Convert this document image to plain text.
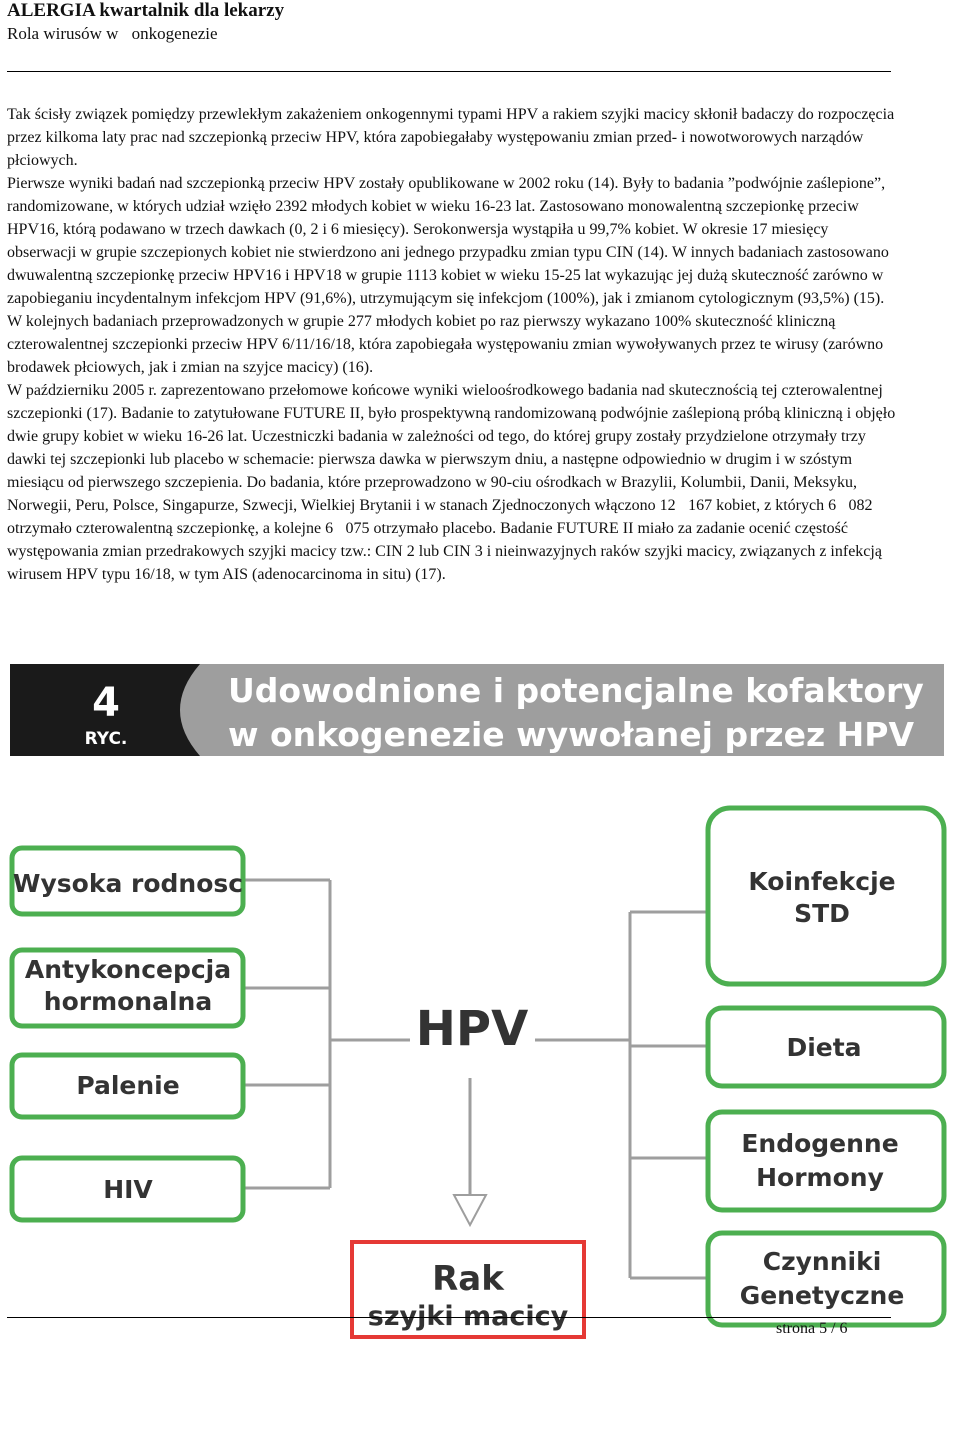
ALERGIA kwartalnik dla lekarzy
Rola wirusów w onkogenezie

Tak ścisły związek pomiędzy przewlekłym zakażeniem onkogennymi typami HPV a rakiem szyjki macicy skłonił badaczy do rozpoczęcia przez kilkoma laty prac nad szczepionką przeciw HPV, która zapobiegałaby występowaniu zmian przed- i nowotworowych narządów płciowych.

Pierwsze wyniki badań nad szczepionką przeciw HPV zostały opublikowane w 2002 roku (14). Były to badania ”podwójnie zaślepione”, randomizowane, w których udział wzięło 2392 młodych kobiet w wieku 16-23 lat. Zastosowano monowalentną szczepionkę przeciw HPV16, którą podawano w trzech dawkach (0, 2 i 6 miesięcy). Serokonwersja wystąpiła u 99,7% kobiet. W okresie 17 miesięcy obserwacji w grupie szczepionych kobiet nie stwierdzono ani jednego przypadku zmian typu CIN (14). W innych badaniach zastosowano dwuwalentną szczepionkę przeciw HPV16 i HPV18 w grupie 1113 kobiet w wieku 15-25 lat wykazując jej dużą skuteczność zarówno w zapobieganiu incydentalnym infekcjom HPV (91,6%), utrzymującym się infekcjom (100%), jak i zmianom cytologicznym (93,5%) (15). W kolejnych badaniach przeprowadzonych w grupie 277 młodych kobiet po raz pierwszy wykazano 100% skuteczność kliniczną czterowalentnej szczepionki przeciw HPV 6/11/16/18, która zapobiegała występowaniu zmian wywoływanych przez te wirusy (zarówno brodawek płciowych, jak i zmian na szyjce macicy) (16).

W październiku 2005 r. zaprezentowano przełomowe końcowe wyniki wieloośrodkowego badania nad skutecznością tej czterowalentnej szczepionki (17). Badanie to zatytułowane FUTURE II, było prospektywną randomizowaną podwójnie zaślepioną próbą kliniczną i objęło dwie grupy kobiet w wieku 16-26 lat. Uczestniczki badania w zależności od tego, do której grupy zostały przydzielone otrzymały trzy dawki tej szczepionki lub placebo w schemacie: pierwsza dawka w pierwszym dniu, a następne odpowiednio w drugim i w szóstym miesiącu od pierwszego szczepienia. Do badania, które przeprowadzono w 90-ciu ośrodkach w Brazylii, Kolumbii, Danii, Meksyku, Norwegii, Peru, Polsce, Singapurze, Szwecji, Wielkiej Brytanii i w stanach Zjednoczonych włączono 12 167 kobiet, z których 6 082 otrzymało czterowalentną szczepionkę, a kolejne 6 075 otrzymało placebo. Badanie FUTURE II miało za zadanie ocenić częstość występowania zmian przedrakowych szyjki macicy tzw.: CIN 2 lub CIN 3 i nieinwazyjnych raków szyjki macicy, związanych z infekcją wirusem HPV typu 16/18, w tym AIS (adenocarcinoma in situ) (17).

4
RYC.
Udowodnione i potencjalne kofaktory
w onkogenezie wywołanej przez HPV
Wysoka rodnosc
Antykoncepcja
hormonalna
Palenie
HIV
HPV
Rak
szyjki macicy
Koinfekcje
STD
Dieta
Endogenne
Hormony
Czynniki
Genetyczne
strona 5 / 6
